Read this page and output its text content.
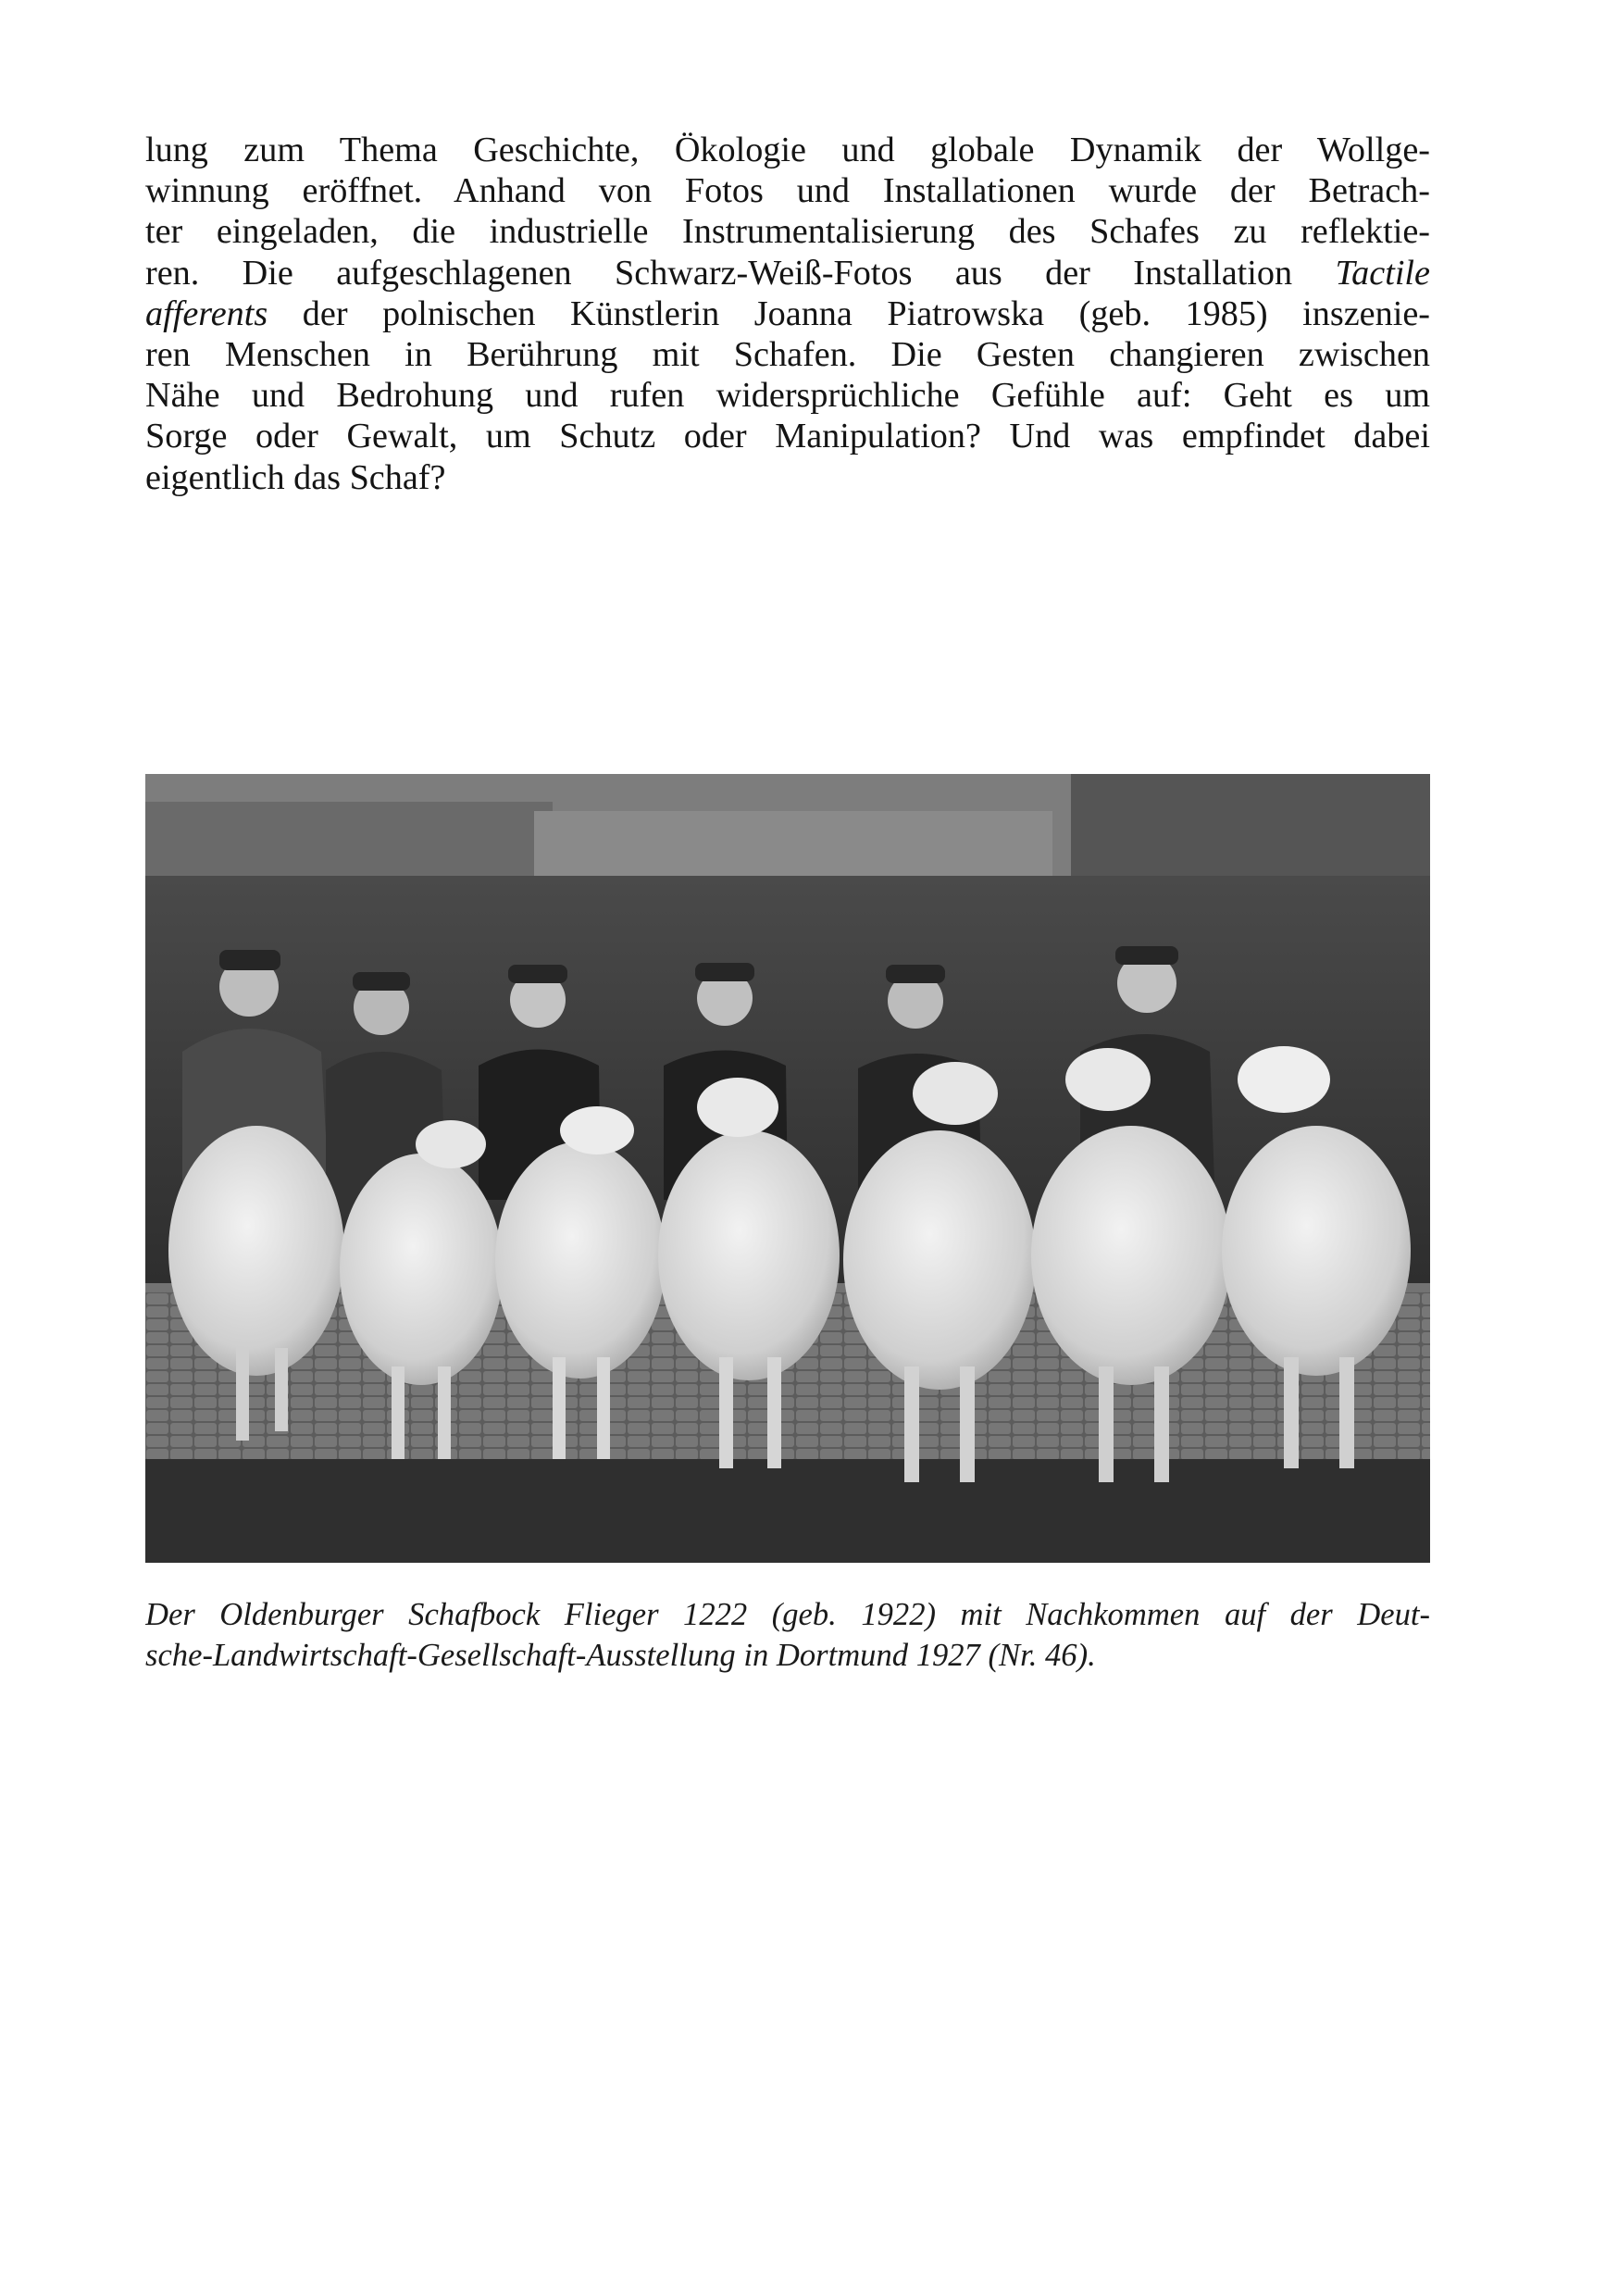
lung zum Thema Geschichte, Ökologie und globale Dynamik der Wollge-
winnung eröffnet. Anhand von Fotos und Installationen wurde der Betrach-
ter eingeladen, die industrielle Instrumentalisierung des Schafes zu reflektie-
ren. Die aufgeschlagenen Schwarz-Weiß-Fotos aus der Installation Tactile
afferents der polnischen Künstlerin Joanna Piatrowska (geb. 1985) inszenie-
ren Menschen in Berührung mit Schafen. Die Gesten changieren zwischen
Nähe und Bedrohung und rufen widersprüchliche Gefühle auf: Geht es um
Sorge oder Gewalt, um Schutz oder Manipulation? Und was empfindet dabei
eigentlich das Schaf?
Der Oldenburger Schafbock Flieger 1222 (geb. 1922) mit Nachkommen auf der Deut-
sche-Landwirtschaft-Gesellschaft-Ausstellung in Dortmund 1927 (Nr. 46).
